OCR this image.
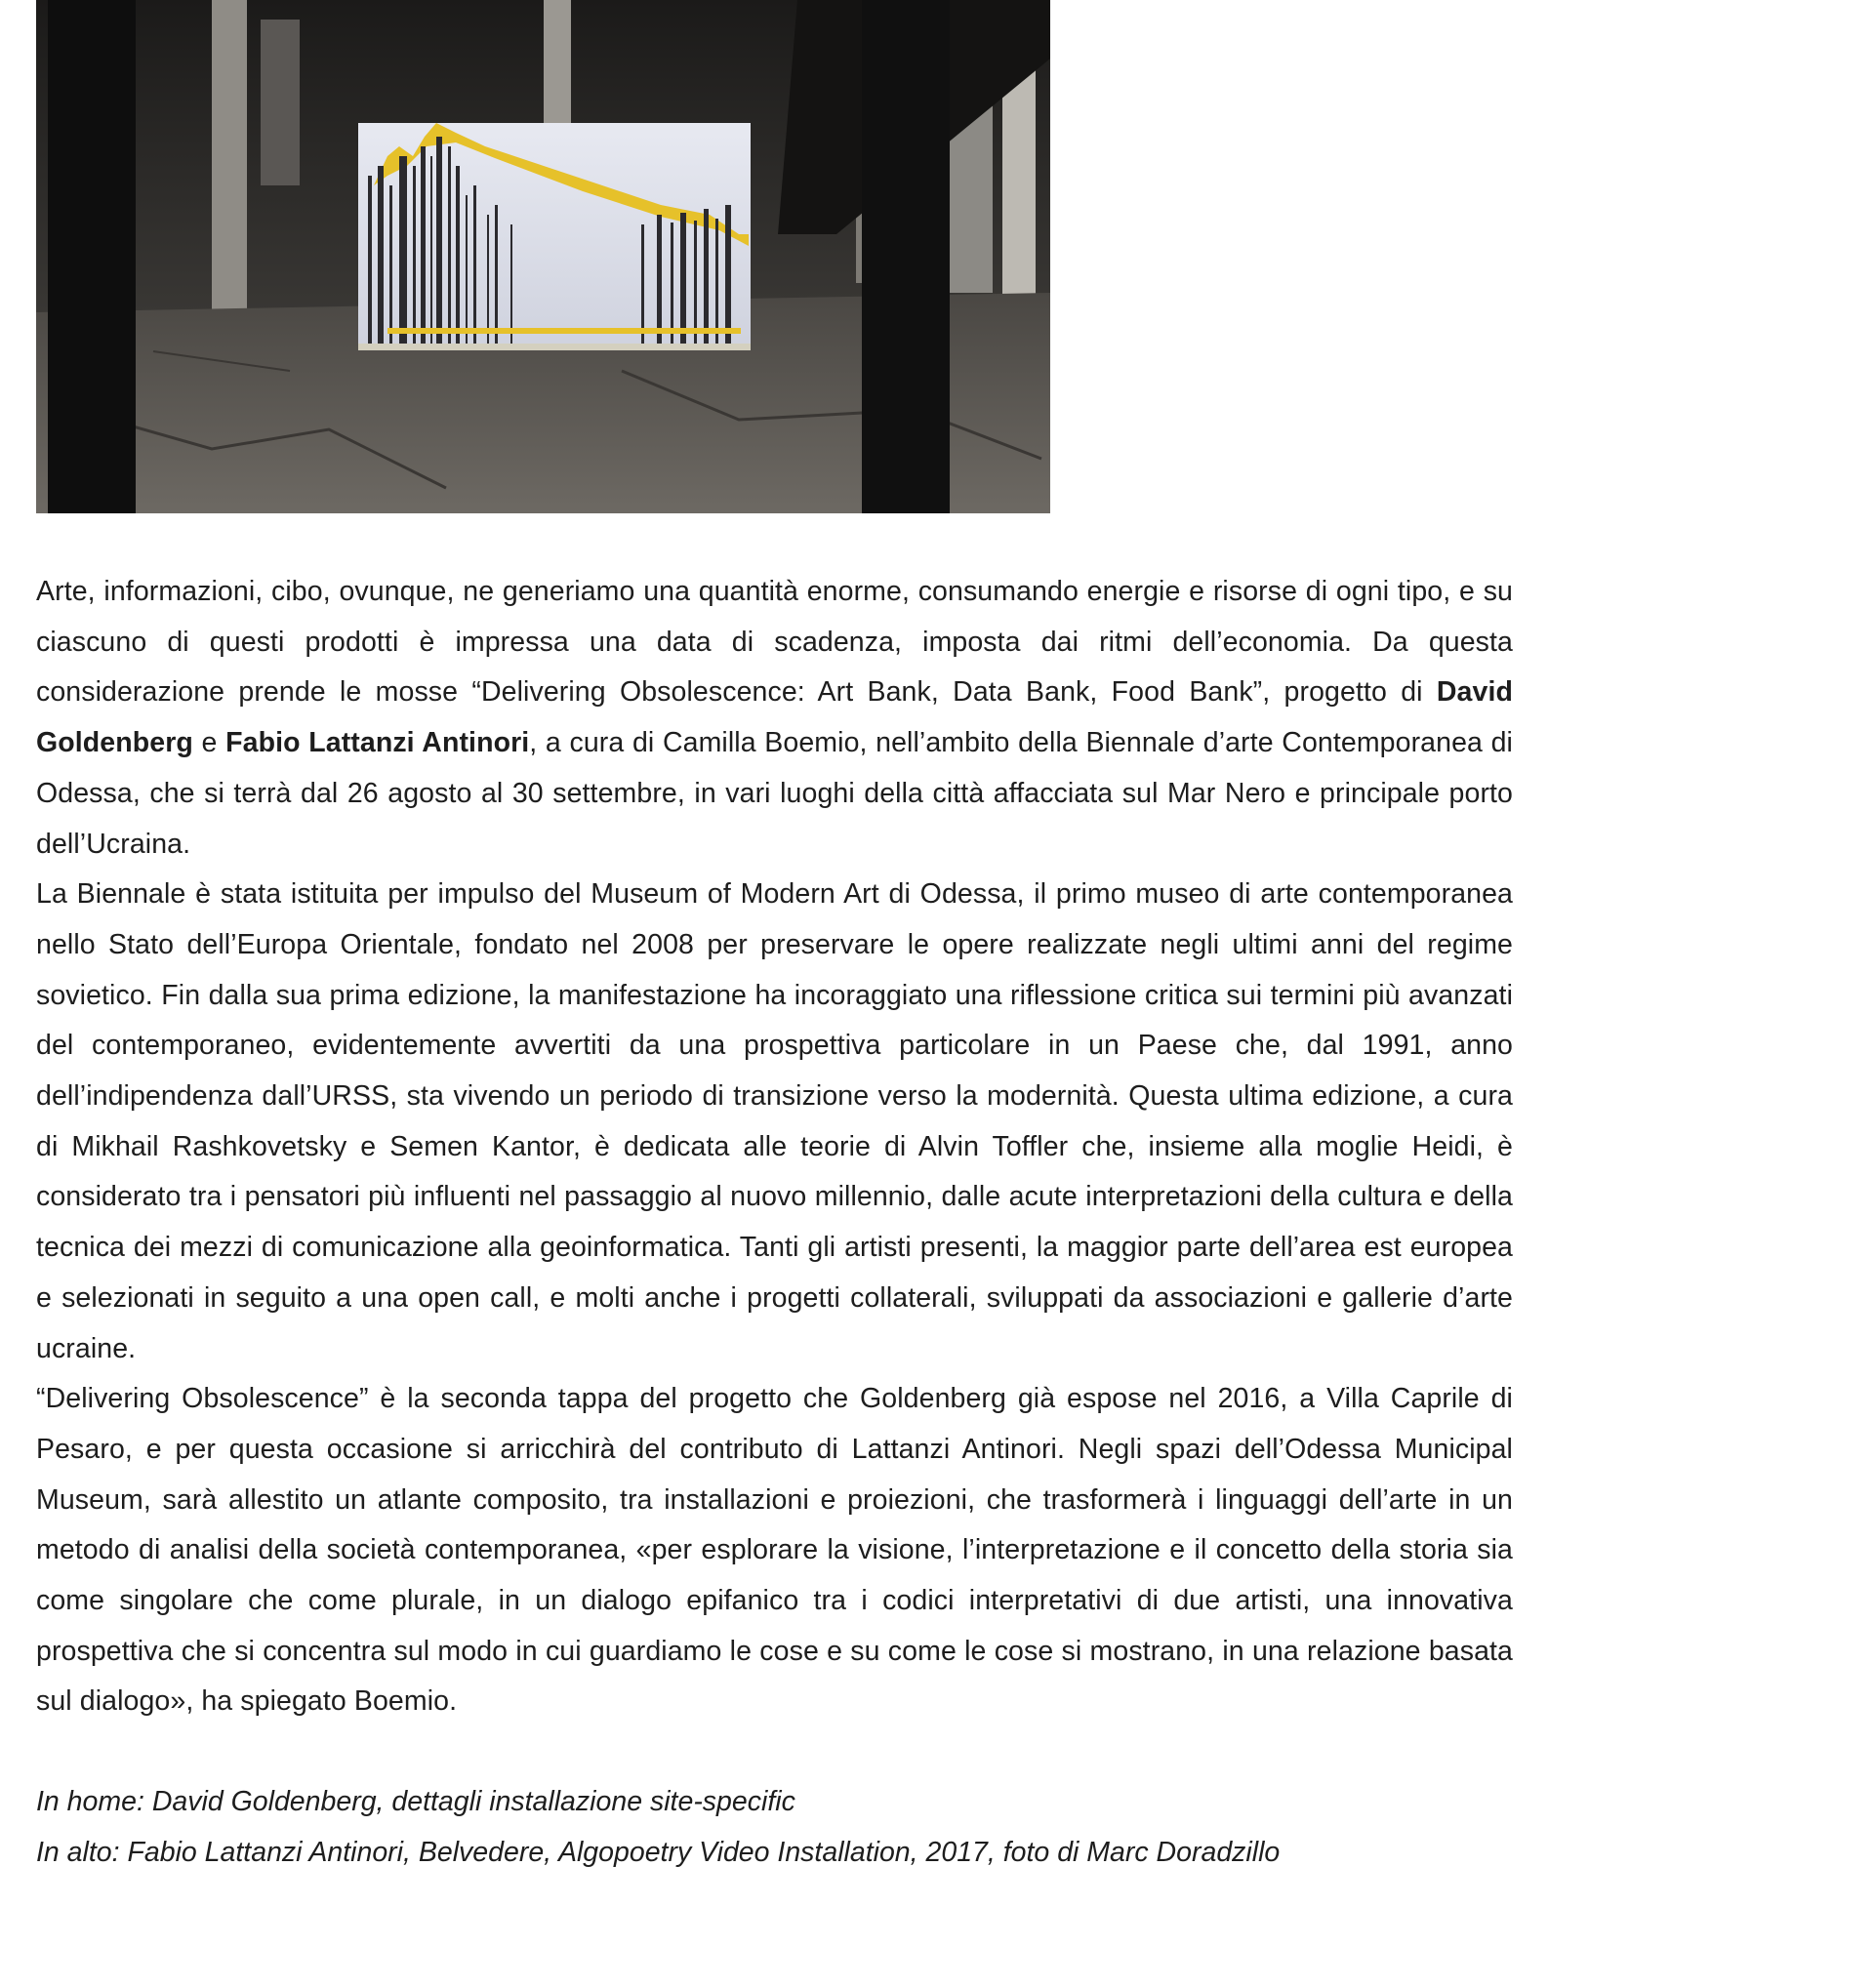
Arte, informazioni, cibo, ovunque, ne generiamo una quantità enorme, consumando energie e risorse di ogni tipo, e su ciascuno di questi prodotti è impressa una data di scadenza, imposta dai ritmi dell’economia. Da questa considerazione prende le mosse “Delivering Obsolescence: Art Bank, Data Bank, Food Bank”, progetto di David Goldenberg e Fabio Lattanzi Antinori, a cura di Camilla Boemio, nell’ambito della Biennale d’arte Contemporanea di Odessa, che si terrà dal 26 agosto al 30 settembre, in vari luoghi della città affacciata sul Mar Nero e principale porto dell’Ucraina.

La Biennale è stata istituita per impulso del Museum of Modern Art di Odessa, il primo museo di arte contemporanea nello Stato dell’Europa Orientale, fondato nel 2008 per preservare le opere realizzate negli ultimi anni del regime sovietico. Fin dalla sua prima edizione, la manifestazione ha incoraggiato una riflessione critica sui termini più avanzati del contemporaneo, evidentemente avvertiti da una prospettiva particolare in un Paese che, dal 1991, anno dell’indipendenza dall’URSS, sta vivendo un periodo di transizione verso la modernità. Questa ultima edizione, a cura di Mikhail Rashkovetsky e Semen Kantor, è dedicata alle teorie di Alvin Toffler che, insieme alla moglie Heidi, è considerato tra i pensatori più influenti nel passaggio al nuovo millennio, dalle acute interpretazioni della cultura e della tecnica dei mezzi di comunicazione alla geoinformatica. Tanti gli artisti presenti, la maggior parte dell’area est europea e selezionati in seguito a una open call, e molti anche i progetti collaterali, sviluppati da associazioni e gallerie d’arte ucraine.

“Delivering Obsolescence” è la seconda tappa del progetto che Goldenberg già espose nel 2016, a Villa Caprile di Pesaro, e per questa occasione si arricchirà del contributo di Lattanzi Antinori. Negli spazi dell’Odessa Municipal Museum, sarà allestito un atlante composito, tra installazioni e proiezioni, che trasformerà i linguaggi dell’arte in un metodo di analisi della società contemporanea, «per esplorare la visione, l’interpretazione e il concetto della storia sia come singolare che come plurale, in un dialogo epifanico tra i codici interpretativi di due artisti, una innovativa prospettiva che si concentra sul modo in cui guardiamo le cose e su come le cose si mostrano, in una relazione basata sul dialogo», ha spiegato Boemio.

In home: David Goldenberg, dettagli installazione site-specific

In alto: Fabio Lattanzi Antinori, Belvedere, Algopoetry Video Installation, 2017, foto di Marc Doradzillo
